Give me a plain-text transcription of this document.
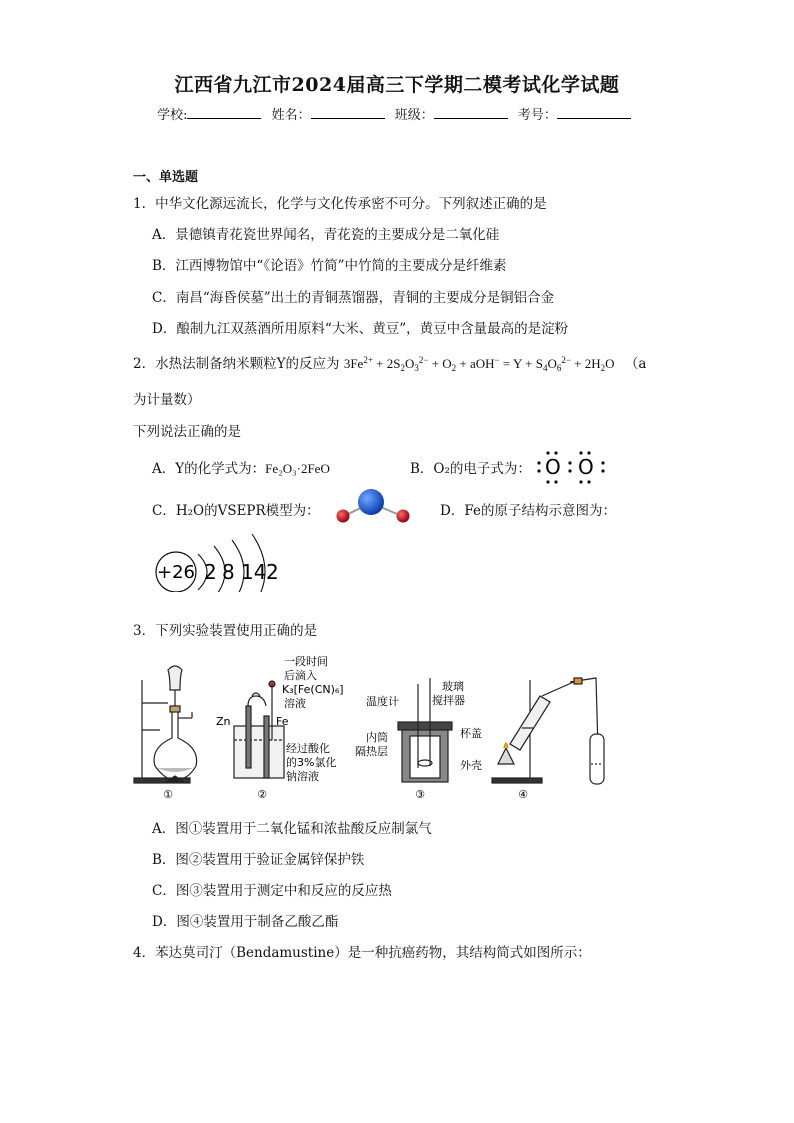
江西省九江市2024届高三下学期二模考试化学试题
学校:	姓名：	班级：	考号：
一、单选题
1．中华文化源远流长，化学与文化传承密不可分。下列叙述正确的是
A．景德镇青花瓷世界闻名，青花瓷的主要成分是二氧化硅
B．江西博物馆中“《论语》竹简”中竹简的主要成分是纤维素
C．南昌“海昏侯墓”出土的青铜蒸馏器，青铜的主要成分是铜铝合金
D．酿制九江双蒸酒所用原料“大米、黄豆”，黄豆中含量最高的是淀粉
2．水热法制备纳米颗粒Y的反应为 $3Fe^{2+} + 2S_2O_3^{2-} + O_2 + aOH^- = Y + S_4O_6^{2-} + 2H_2O$ （a
为计量数）
下列说法正确的是
A．Y的化学式为：Fe₂O₃·2FeO	B．O₂的电子式为： O O
C．H₂O的VSEPR模型为：	D．Fe的原子结构示意图为：
+26 2 8 14 2
3．下列实验装置使用正确的是
①
Zn	Fe
一段时间
后滴入
K₃[Fe(CN)₆]
溶液
经过酸化
的3%氯化
钠溶液
②
温度计
玻璃
搅拌器
内筒	杯盖
隔热层
外壳
③	④
A．图①装置用于二氧化锰和浓盐酸反应制氯气
B．图②装置用于验证金属锌保护铁
C．图③装置用于测定中和反应的反应热
D．图④装置用于制备乙酸乙酯
4．苯达莫司汀（Bendamustine）是一种抗癌药物，其结构简式如图所示：
